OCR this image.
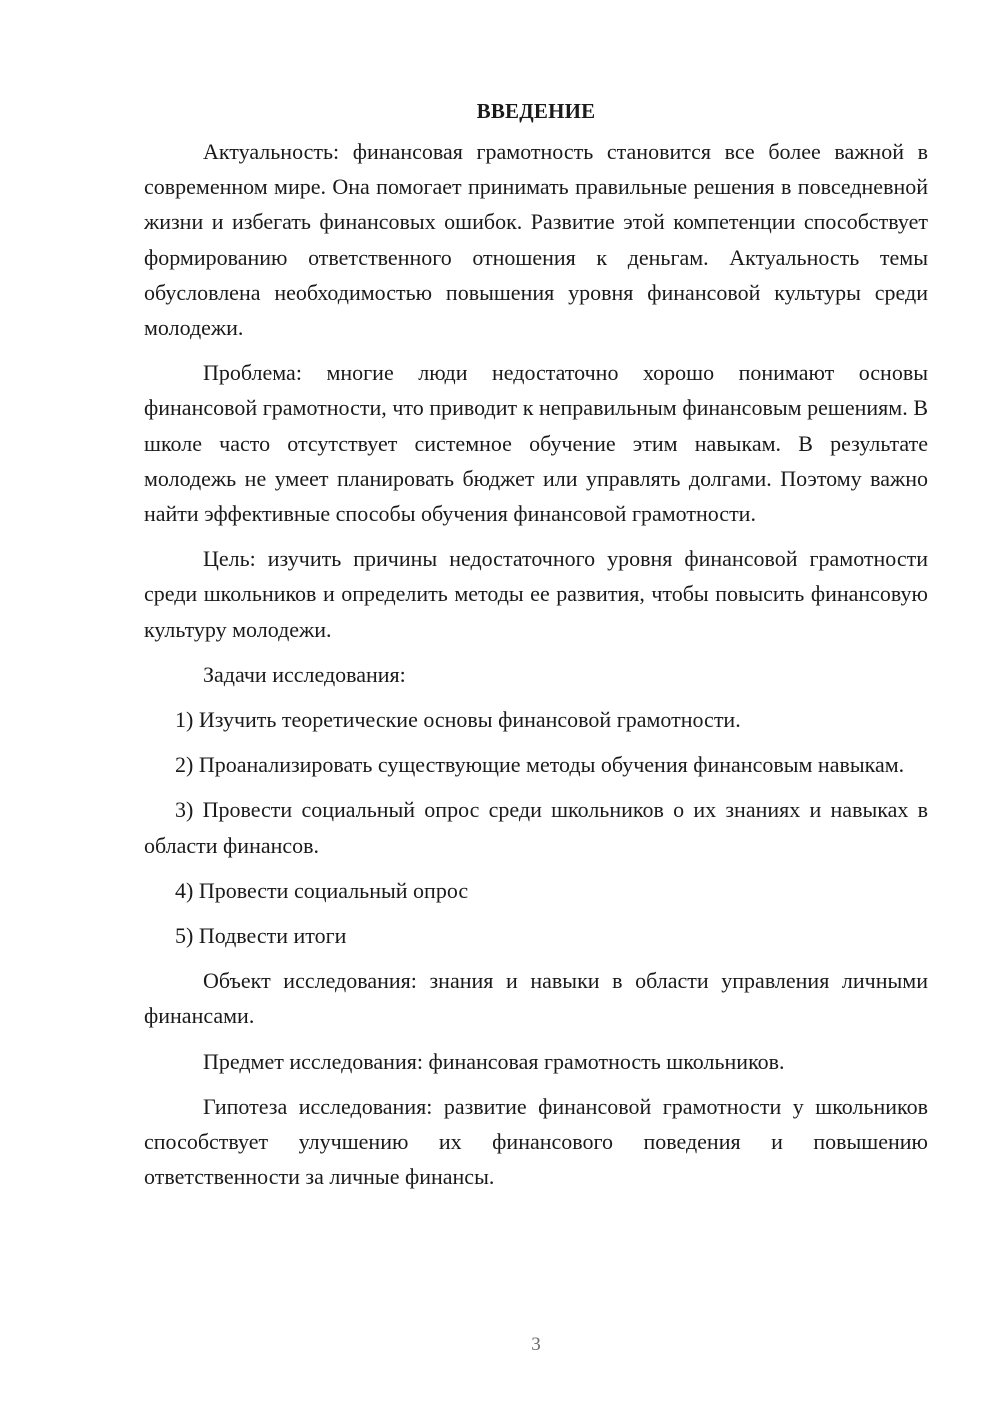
ВВЕДЕНИЕ

Актуальность: финансовая грамотность становится все более важной в современном мире. Она помогает принимать правильные решения в повседневной жизни и избегать финансовых ошибок. Развитие этой компетенции способствует формированию ответственного отношения к деньгам. Актуальность темы обусловлена необходимостью повышения уровня финансовой культуры среди молодежи.

Проблема: многие люди недостаточно хорошо понимают основы финансовой грамотности, что приводит к неправильным финансовым решениям. В школе часто отсутствует системное обучение этим навыкам. В результате молодежь не умеет планировать бюджет или управлять долгами. Поэтому важно найти эффективные способы обучения финансовой грамотности.

Цель: изучить причины недостаточного уровня финансовой грамотности среди школьников и определить методы ее развития, чтобы повысить финансовую культуру молодежи.

Задачи исследования:

1) Изучить теоретические основы финансовой грамотности.

2) Проанализировать существующие методы обучения финансовым навыкам.

3) Провести социальный опрос среди школьников о их знаниях и навыках в области финансов.

4) Провести социальный опрос

5) Подвести итоги

Объект исследования: знания и навыки в области управления личными финансами.

Предмет исследования: финансовая грамотность школьников.

Гипотеза исследования: развитие финансовой грамотности у школьников способствует улучшению их финансового поведения и повышению ответственности за личные финансы.

3
